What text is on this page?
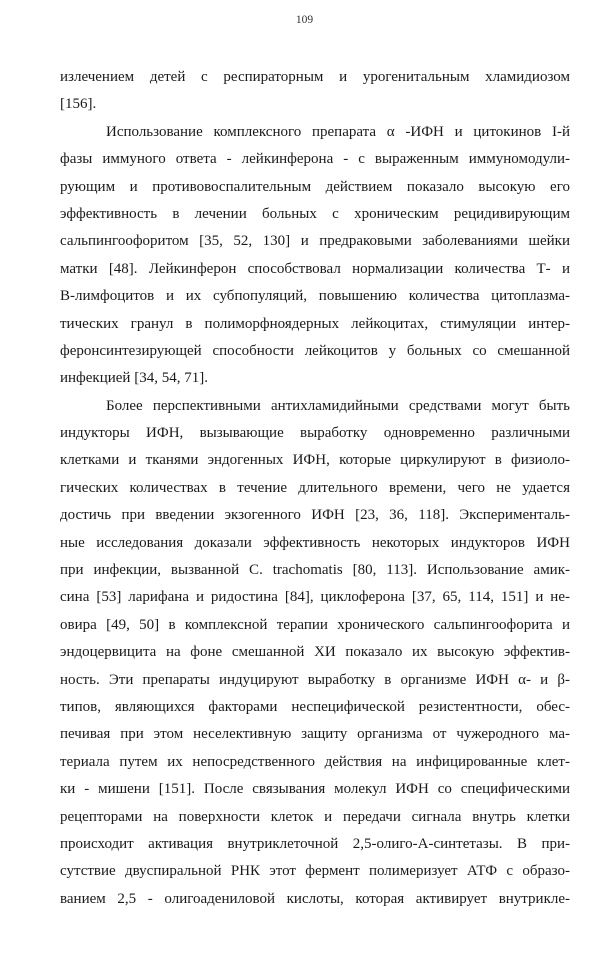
109
излечением детей с респираторным и урогенитальным хламидиозом
[156].
Использование комплексного препарата α -ИФН и цитокинов I-й
фазы иммуного ответа - лейкинферона - с выраженным иммуномодули-
рующим и противовоспалительным действием показало высокую его
эффективность в лечении больных с хроническим рецидивирующим
сальпингоофоритом [35, 52, 130] и предраковыми заболеваниями шейки
матки [48]. Лейкинферон способствовал нормализации количества Т- и
В-лимфоцитов и их субпопуляций, повышению количества цитоплазма-
тических гранул в полиморфноядерных лейкоцитах, стимуляции интер-
феронсинтезирующей способности лейкоцитов у больных со смешанной
инфекцией [34, 54, 71].
Более перспективными антихламидийными средствами могут быть
индукторы ИФН, вызывающие выработку одновременно различными
клетками и тканями эндогенных ИФН, которые циркулируют в физиоло-
гических количествах в течение длительного времени, чего не удается
достичь при введении экзогенного ИФН [23, 36, 118]. Эксперименталь-
ные исследования доказали эффективность некоторых индукторов ИФН
при инфекции, вызванной C. trachomatis [80, 113]. Использование амик-
сина [53] ларифана и ридостина [84], циклоферона [37, 65, 114, 151] и не-
овира [49, 50] в комплексной терапии хронического сальпингоофорита и
эндоцервицита на фоне смешанной ХИ показало их высокую эффектив-
ность. Эти препараты индуцируют выработку в организме ИФН α- и β-
типов, являющихся факторами неспецифической резистентности, обес-
печивая при этом неселективную защиту организма от чужеродного ма-
териала путем их непосредственного действия на инфицированные клет-
ки - мишени [151]. После связывания молекул ИФН со специфическими
рецепторами на поверхности клеток и передачи сигнала внутрь клетки
происходит активация внутриклеточной 2,5-олиго-А-синтетазы. В при-
сутствие двуспиральной РНК этот фермент полимеризует АТФ с образо-
ванием 2,5 - олигоадениловой кислоты, которая активирует внутрикле-
